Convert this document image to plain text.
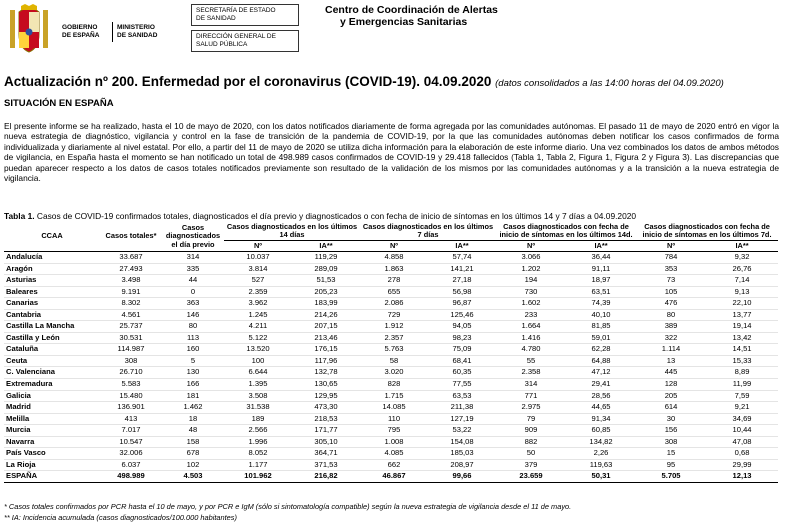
GOBIERNO
DE ESPAÑA
MINISTERIO
DE SANIDAD
SECRETARÍA DE ESTADO
DE SANIDAD
DIRECCIÓN GENERAL DE
SALUD PÚBLICA
Centro de Coordinación de Alertas
y Emergencias Sanitarias
Actualización nº 200. Enfermedad por el coronavirus (COVID-19). 04.09.2020 (datos consolidados a las 14:00 horas del 04.09.2020)
SITUACIÓN EN ESPAÑA

El presente informe se ha realizado, hasta el 10 de mayo de 2020, con los datos notificados diariamente de forma agregada por las comunidades autónomas. El pasado 11 de mayo de 2020 entró en vigor la nueva estrategia de diagnóstico, vigilancia y control en la fase de transición de la pandemia de COVID-19, por la que las comunidades autónomas deben notificar los casos confirmados de forma individualizada y diariamente al nivel estatal. Por ello, a partir del 11 de mayo de 2020 se utiliza dicha información para la elaboración de este informe diario. Una vez combinados los datos de ambos métodos de vigilancia, en España hasta el momento se han notificado un total de 498.989 casos confirmados de COVID-19 y 29.418 fallecidos (Tabla 1, Tabla 2, Figura 1, Figura 2 y Figura 3). Las discrepancias que puedan aparecer respecto a los datos de casos totales notificados previamente son resultado de la validación de los mismos por las comunidades autónomas y a la transición a la nueva estrategia de vigilancia.

Tabla 1. Casos de COVID-19 confirmados totales, diagnosticados el día previo y diagnosticados o con fecha de inicio de síntomas en los últimos 14 y 7 días a 04.09.2020
CCAA	Casos totales*	Casos diagnosticados el día previo	Casos diagnosticados en los últimos 14 días		Casos diagnosticados en los últimos 7 días		Casos diagnosticados con fecha de inicio de síntomas en los últimos 14d.		Casos diagnosticados con fecha de inicio de síntomas en los últimos 7d.	
			Nº	IA**	Nº	IA**	Nº	IA**	Nº	IA**
Andalucía	33.687	314	10.037	119,29	4.858	57,74	3.066	36,44	784	9,32
Aragón	27.493	335	3.814	289,09	1.863	141,21	1.202	91,11	353	26,76
Asturias	3.498	44	527	51,53	278	27,18	194	18,97	73	7,14
Baleares	9.191	0	2.359	205,23	655	56,98	730	63,51	105	9,13
Canarias	8.302	363	3.962	183,99	2.086	96,87	1.602	74,39	476	22,10
Cantabria	4.561	146	1.245	214,26	729	125,46	233	40,10	80	13,77
Castilla La Mancha	25.737	80	4.211	207,15	1.912	94,05	1.664	81,85	389	19,14
Castilla y León	30.531	113	5.122	213,46	2.357	98,23	1.416	59,01	322	13,42
Cataluña	114.987	160	13.520	176,15	5.763	75,09	4.780	62,28	1.114	14,51
Ceuta	308	5	100	117,96	58	68,41	55	64,88	13	15,33
C. Valenciana	26.710	130	6.644	132,78	3.020	60,35	2.358	47,12	445	8,89
Extremadura	5.583	166	1.395	130,65	828	77,55	314	29,41	128	11,99
Galicia	15.480	181	3.508	129,95	1.715	63,53	771	28,56	205	7,59
Madrid	136.901	1.462	31.538	473,30	14.085	211,38	2.975	44,65	614	9,21
Melilla	413	18	189	218,53	110	127,19	79	91,34	30	34,69
Murcia	7.017	48	2.566	171,77	795	53,22	909	60,85	156	10,44
Navarra	10.547	158	1.996	305,10	1.008	154,08	882	134,82	308	47,08
País Vasco	32.006	678	8.052	364,71	4.085	185,03	50	2,26	15	0,68
La Rioja	6.037	102	1.177	371,53	662	208,97	379	119,63	95	29,99
ESPAÑA	498.989	4.503	101.962	216,82	46.867	99,66	23.659	50,31	5.705	12,13
* Casos totales confirmados por PCR hasta el 10 de mayo, y por PCR e IgM (sólo si sintomatología compatible) según la nueva estrategia de vigilancia desde el 11 de mayo.
** IA: Incidencia acumulada (casos diagnosticados/100.000 habitantes)
